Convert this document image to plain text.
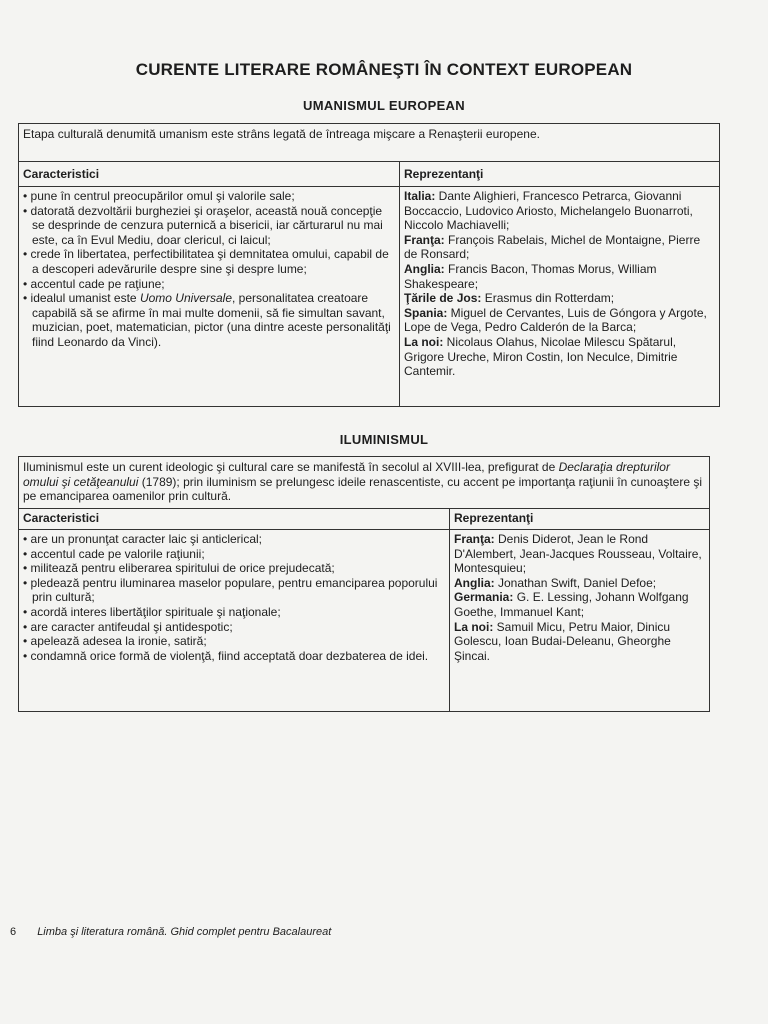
CURENTE LITERARE ROMÂNEŞTI ÎN CONTEXT EUROPEAN
UMANISMUL EUROPEAN
Etapa culturală denumită umanism este strâns legată de întreaga mişcare a Renaşterii europene.
Caracteristici	Reprezentanţi
• pune în centrul preocupărilor omul şi valorile sale;
• datorată dezvoltării burgheziei şi oraşelor, această nouă concepţie se desprinde de cenzura puternică a bisericii, iar cărturarul nu mai este, ca în Evul Mediu, doar clericul, ci laicul;
• crede în libertatea, perfectibilitatea şi demnitatea omului, capabil de a descoperi adevărurile despre sine şi despre lume;
• accentul cade pe raţiune;
• idealul umanist este Uomo Universale, personalitatea creatoare capabilă să se afirme în mai multe domenii, să fie simultan savant, muzician, poet, matematician, pictor (una dintre aceste personalităţi fiind Leonardo da Vinci).
Italia: Dante Alighieri, Francesco Petrarca, Giovanni Boccaccio, Ludovico Ariosto, Michelangelo Buonarroti, Niccolo Machiavelli;
Franţa: François Rabelais, Michel de Montaigne, Pierre de Ronsard;
Anglia: Francis Bacon, Thomas Morus, William Shakespeare;
Ţările de Jos: Erasmus din Rotterdam;
Spania: Miguel de Cervantes, Luis de Góngora y Argote, Lope de Vega, Pedro Calderón de la Barca;
La noi: Nicolaus Olahus, Nicolae Milescu Spătarul, Grigore Ureche, Miron Costin, Ion Neculce, Dimitrie Cantemir.
ILUMINISMUL
Iluminismul este un curent ideologic şi cultural care se manifestă în secolul al XVIII-lea, prefigurat de Declaraţia drepturilor omului şi cetăţeanului (1789); prin iluminism se prelungesc ideile renascentiste, cu accent pe importanţa raţiunii în cunoaştere şi pe emanciparea oamenilor prin cultură.
Caracteristici	Reprezentanţi
• are un pronunţat caracter laic şi anticlerical;
• accentul cade pe valorile raţiunii;
• militează pentru eliberarea spiritului de orice prejudecată;
• pledează pentru iluminarea maselor populare, pentru emanciparea poporului prin cultură;
• acordă interes libertăţilor spirituale şi naţionale;
• are caracter antifeudal şi antidespotic;
• apelează adesea la ironie, satiră;
• condamnă orice formă de violenţă, fiind acceptată doar dezbaterea de idei.
Franţa: Denis Diderot, Jean le Rond D'Alembert, Jean-Jacques Rousseau, Voltaire, Montesquieu;
Anglia: Jonathan Swift, Daniel Defoe;
Germania: G. E. Lessing, Johann Wolfgang Goethe, Immanuel Kant;
La noi: Samuil Micu, Petru Maior, Dinicu Golescu, Ioan Budai-Deleanu, Gheorghe Şincai.
6 Limba şi literatura română. Ghid complet pentru Bacalaureat
